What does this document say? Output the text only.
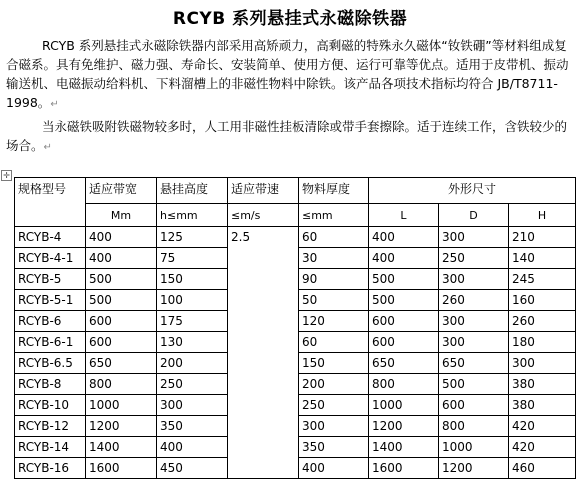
RCYB 系列悬挂式永磁除铁器
RCYB 系列悬挂式永磁除铁器内部采用高矫顽力，高剩磁的特殊永久磁体“钕铁硼”等材料组成复合磁系。具有免维护、磁力强、寿命长、安装简单、使用方便、运行可靠等优点。适用于皮带机、振动输送机、电磁振动给料机、下料溜槽上的非磁性物料中除铁。该产品各项技术指标均符合 JB/T8711-1998。↵
当永磁铁吸附铁磁物较多时，人工用非磁性挂板清除或带手套擦除。适于连续工作，含铁较少的场合。↵
✛
规格型号	适应带宽	悬挂高度	适应带速	物料厚度	外形尺寸		
	Mm	h≤mm	≤m/s	≤mm	L	D	H
RCYB-4	400	125	2.5	60	400	300	210
RCYB-4-1	400	75		30	400	250	140
RCYB-5	500	150		90	500	300	245
RCYB-5-1	500	100		50	500	260	160
RCYB-6	600	175		120	600	300	260
RCYB-6-1	600	130		60	600	300	180
RCYB-6.5	650	200		150	650	650	300
RCYB-8	800	250		200	800	500	380
RCYB-10	1000	300		250	1000	600	380
RCYB-12	1200	350		300	1200	800	420
RCYB-14	1400	400		350	1400	1000	420
RCYB-16	1600	450		400	1600	1200	460
